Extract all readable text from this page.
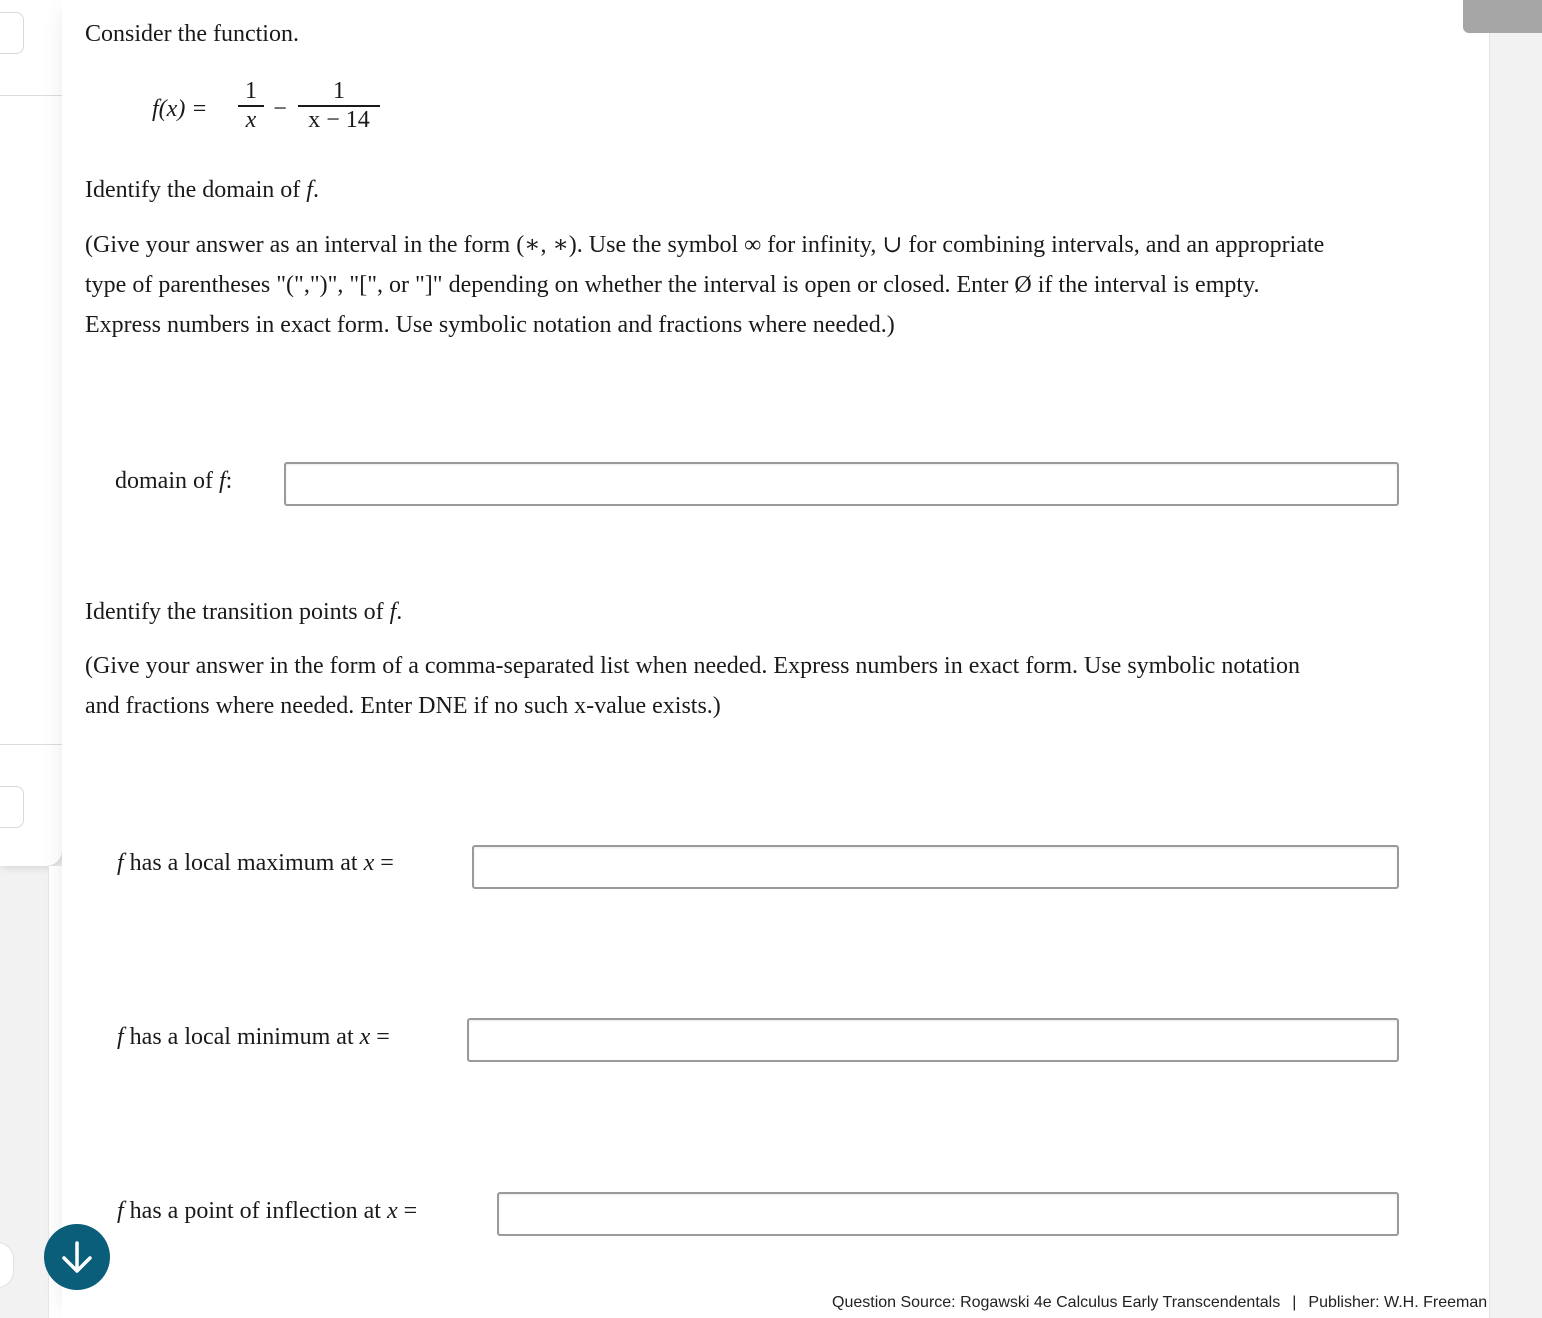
Consider the function.
f(x) =
1
x −
1
x − 14
Identify the domain of f.
(Give your answer as an interval in the form (∗, ∗). Use the symbol ∞ for infinity, ∪ for combining intervals, and an appropriate
type of parentheses "(",")", "[", or "]" depending on whether the interval is open or closed. Enter Ø if the interval is empty.
Express numbers in exact form. Use symbolic notation and fractions where needed.)
domain of f:
Identify the transition points of f.
(Give your answer in the form of a comma-separated list when needed. Express numbers in exact form. Use symbolic notation
and fractions where needed. Enter DNE if no such x-value exists.)
f has a local maximum at x =
f has a local minimum at x =
f has a point of inflection at x =
Question Source: Rogawski 4e Calculus Early Transcendentals | Publisher: W.H. Freeman
